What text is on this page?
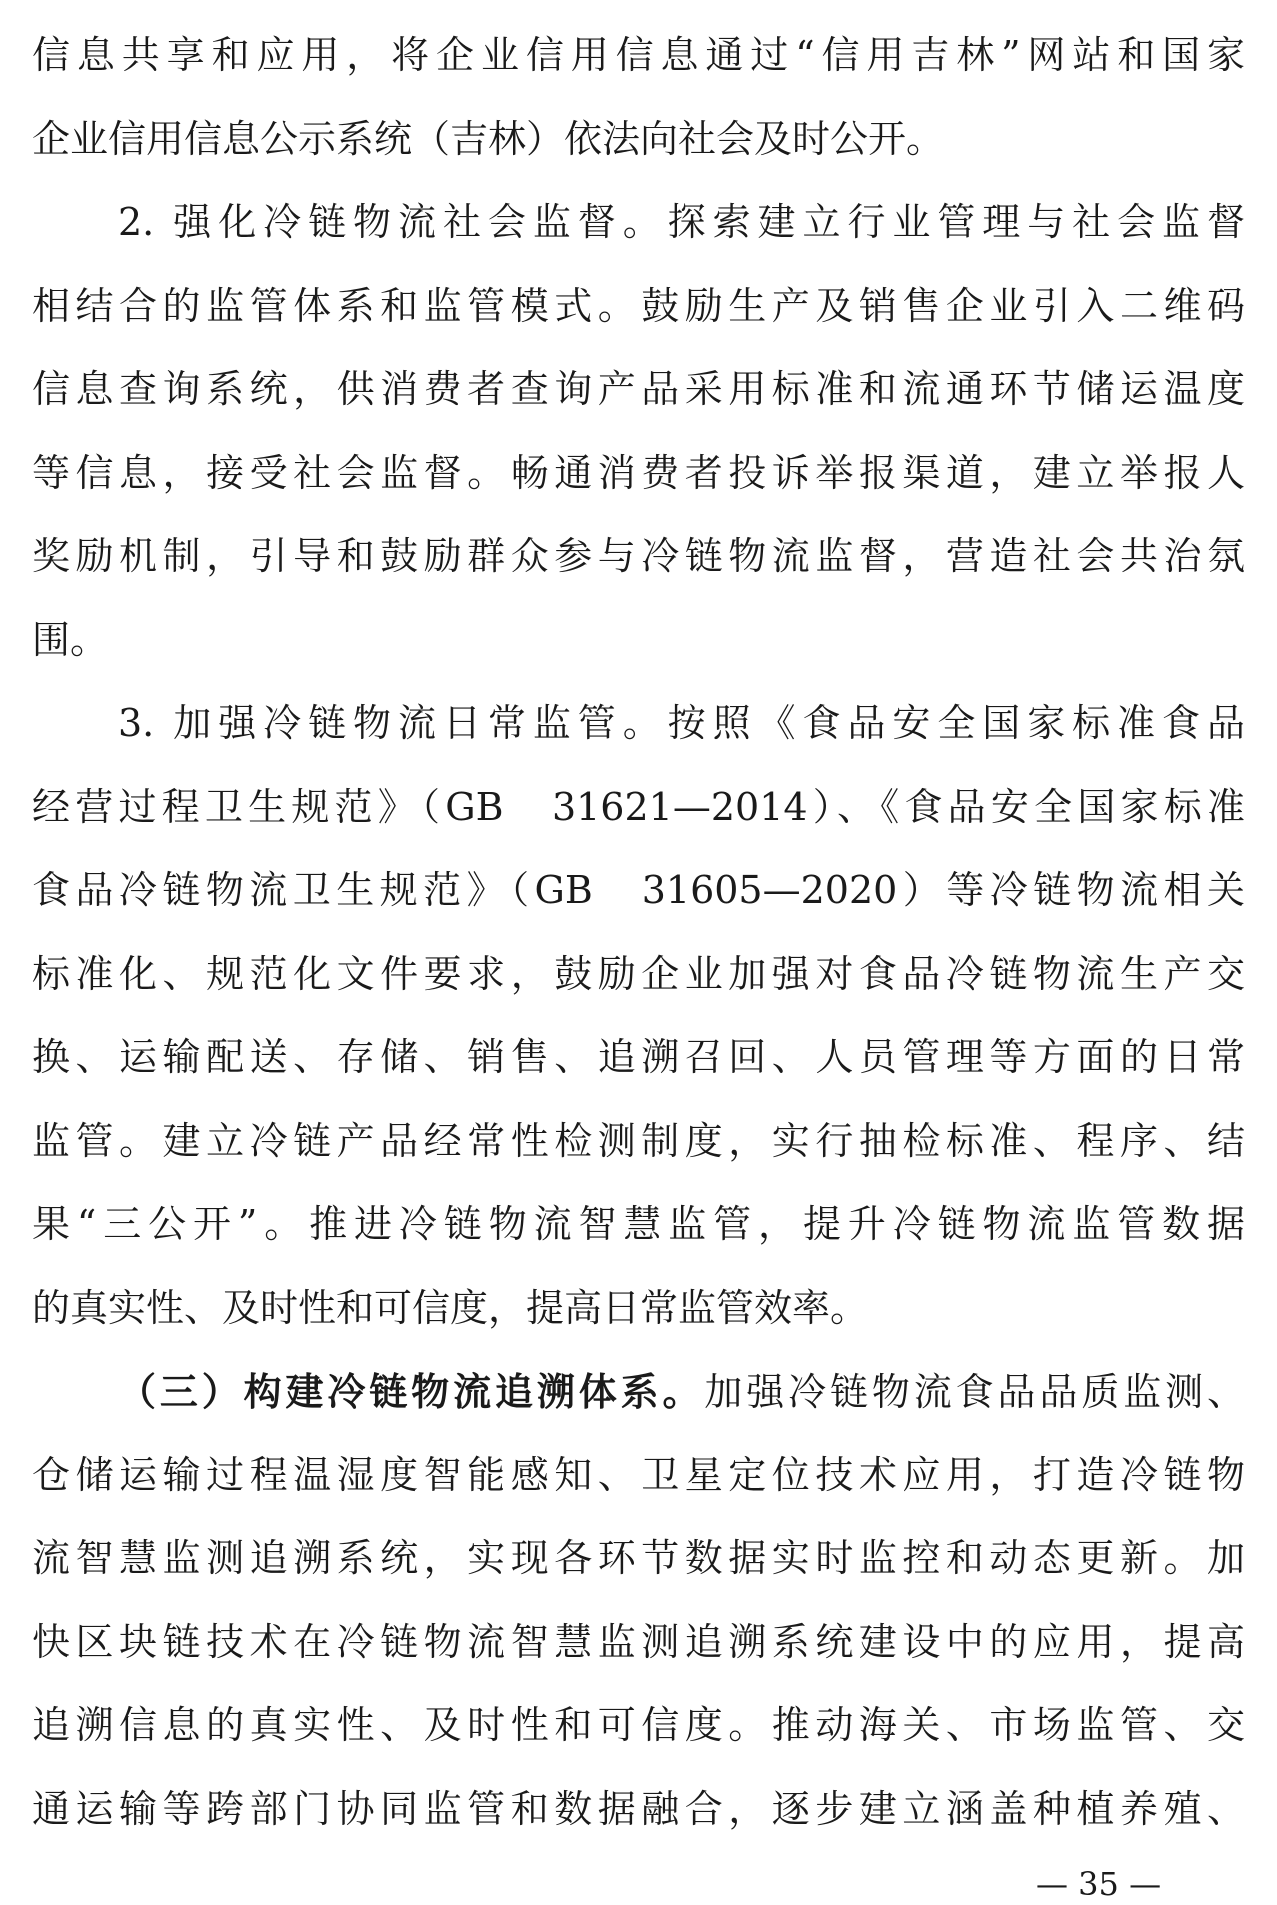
信息共享和应用，将企业信用信息通过“信用吉林”网站和国家
企业信用信息公示系统（吉林）依法向社会及时公开。
2. 强化冷链物流社会监督。探索建立行业管理与社会监督
相结合的监管体系和监管模式。鼓励生产及销售企业引入二维码
信息查询系统，供消费者查询产品采用标准和流通环节储运温度
等信息，接受社会监督。畅通消费者投诉举报渠道，建立举报人
奖励机制，引导和鼓励群众参与冷链物流监督，营造社会共治氛
围。
3. 加强冷链物流日常监管。按照《食品安全国家标准食品
经营过程卫生规范》（GB　31621—2014）、《食品安全国家标准
食品冷链物流卫生规范》（GB　31605—2020）等冷链物流相关
标准化、规范化文件要求，鼓励企业加强对食品冷链物流生产交
换、运输配送、存储、销售、追溯召回、人员管理等方面的日常
监管。建立冷链产品经常性检测制度，实行抽检标准、程序、结
果“三公开”。推进冷链物流智慧监管，提升冷链物流监管数据
的真实性、及时性和可信度，提高日常监管效率。
（三）构建冷链物流追溯体系。加强冷链物流食品品质监测、
仓储运输过程温湿度智能感知、卫星定位技术应用，打造冷链物
流智慧监测追溯系统，实现各环节数据实时监控和动态更新。加
快区块链技术在冷链物流智慧监测追溯系统建设中的应用，提高
追溯信息的真实性、及时性和可信度。推动海关、市场监管、交
通运输等跨部门协同监管和数据融合，逐步建立涵盖种植养殖、
— 35 —
